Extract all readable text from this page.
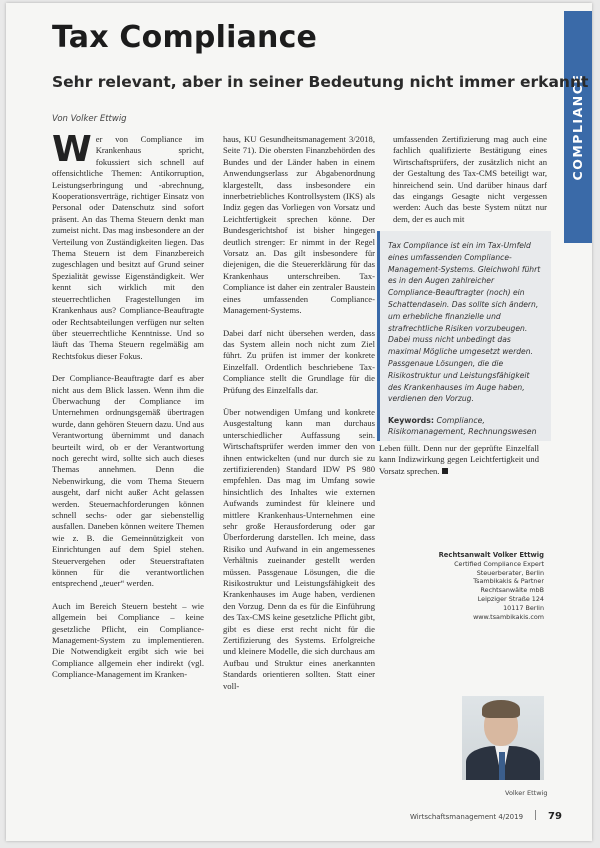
COMPLIANCE
Tax Compliance

Sehr relevant, aber in seiner Bedeutung nicht immer erkannt

Von Volker Ettwig

Wer von Compliance im Krankenhaus spricht, fokussiert sich schnell auf offensichtliche Themen: Antikorruption, Leistungserbringung und -abrechnung, Kooperationsverträge, richtiger Einsatz von Personal oder Datenschutz sind sofort präsent. An das Thema Steuern denkt man zumeist nicht. Das mag insbesondere an der Verteilung von Zuständigkeiten liegen. Das Thema Steuern ist dem Finanzbereich zugeschlagen und besitzt auf Grund seiner Spezialität gewisse Eigenständigkeit. Wer kennt sich wirklich mit den steuerrechtlichen Fragestellungen im Krankenhaus aus? Compliance-Beauftragte oder Rechtsabteilungen verfügen nur selten über steuerrechtliche Kenntnisse. Und so läuft das Thema Steuern regelmäßig am Rechtsfokus dieser Fokus.

Der Compliance-Beauftragte darf es aber nicht aus dem Blick lassen. Wenn ihm die Überwachung der Compliance im Unternehmen ordnungsgemäß übertragen wurde, dann gehören Steuern dazu. Und aus Verantwortung übernimmt und danach beurteilt wird, ob er der Verantwortung noch gerecht wird, sollte sich auch dieses Themas annehmen. Denn die Nebenwirkung, die vom Thema Steuern ausgeht, darf nicht außer Acht gelassen werden. Steuernachforderungen können schnell sechs- oder gar siebenstellig ausfallen. Daneben können weitere Themen wie z. B. die Gemeinnützigkeit von Einrichtungen auf dem Spiel stehen. Steuervergehen oder Steuerstraftaten können für die verantwortlichen entsprechend „teuer“ werden.

Auch im Bereich Steuern besteht – wie allgemein bei Compliance – keine gesetzliche Pflicht, ein Compliance-Management-System zu implementieren. Die Notwendigkeit ergibt sich wie bei Compliance allgemein eher indirekt (vgl. Compliance-Management im Kranken-

haus, KU Gesundheitsmanagement 3/2018, Seite 71). Die obersten Finanzbehörden des Bundes und der Länder haben in einem Anwendungserlass zur Abgabenordnung klargestellt, dass insbesondere ein innerbetriebliches Kontrollsystem (IKS) als Indiz gegen das Vorliegen von Vorsatz und Leichtfertigkeit sprechen könne. Der Bundesgerichtshof ist bisher hingegen deutlich strenger: Er nimmt in der Regel Vorsatz an. Das gilt insbesondere für diejenigen, die die Steuererklärung für das Krankenhaus unterschreiben. Tax-Compliance ist daher ein zentraler Baustein eines umfassenden Compliance-Management-Systems.

Dabei darf nicht übersehen werden, dass das System allein noch nicht zum Ziel führt. Zu prüfen ist immer der konkrete Einzelfall. Ordentlich beschriebene Tax-Compliance stellt die Grundlage für die Prüfung des Einzelfalls dar.

Über notwendigen Umfang und konkrete Ausgestaltung kann man durchaus unterschiedlicher Auffassung sein. Wirtschaftsprüfer werden immer den von ihnen entwickelten (und nur durch sie zu zertifizierenden) Standard IDW PS 980 empfehlen. Das mag im Umfang sowie hinsichtlich des Inhaltes wie externen Aufwands zumindest für kleinere und mittlere Krankenhaus-Unternehmen eine sehr große Herausforderung oder gar Überforderung darstellen. Ich meine, dass Risiko und Aufwand in ein angemessenes Verhältnis zueinander gestellt werden müssen. Passgenaue Lösungen, die die Risikostruktur und Leistungsfähigkeit des Krankenhauses im Auge haben, verdienen den Vorzug. Denn da es für die Einführung des Tax-CMS keine gesetzliche Pflicht gibt, gibt es diese erst recht nicht für die Zertifizierung des Systems. Erfolgreiche und kleinere Modelle, die sich durchaus am Aufbau und Struktur eines anerkannten Standards orientieren sollten. Statt einer voll-

umfassenden Zertifizierung mag auch eine fachlich qualifizierte Bestätigung eines Wirtschaftsprüfers, der zusätzlich nicht an der Gestaltung des Tax-CMS beteiligt war, hinreichend sein. Und darüber hinaus darf das eingangs Gesagte nicht vergessen werden: Auch das beste System nützt nur dem, der es auch mit

Tax Compliance ist ein im Tax-Umfeld eines umfassenden Compliance-Management-Systems. Gleichwohl führt es in den Augen zahlreicher Compliance-Beauftragter (noch) ein Schattendasein. Das sollte sich ändern, um erhebliche finanzielle und strafrechtliche Risiken vorzubeugen. Dabei muss nicht unbedingt das maximal Mögliche umgesetzt werden. Passgenaue Lösungen, die die Risikostruktur und Leistungsfähigkeit des Krankenhauses im Auge haben, verdienen den Vorzug.
Keywords: Compliance, Risikomanagement, Rechnungswesen

Leben füllt. Denn nur der geprüfte Einzelfall kann Indizwirkung gegen Leichtfertigkeit und Vorsatz sprechen.

Rechtsanwalt Volker Ettwig
Certified Compliance Expert
Steuerberater, Berlin
Tsambikakis & Partner Rechtsanwälte mbB
Leipziger Straße 124
10117 Berlin
www.tsambikakis.com
Volker Ettwig
Wirtschaftsmanagement 4/2019	79
